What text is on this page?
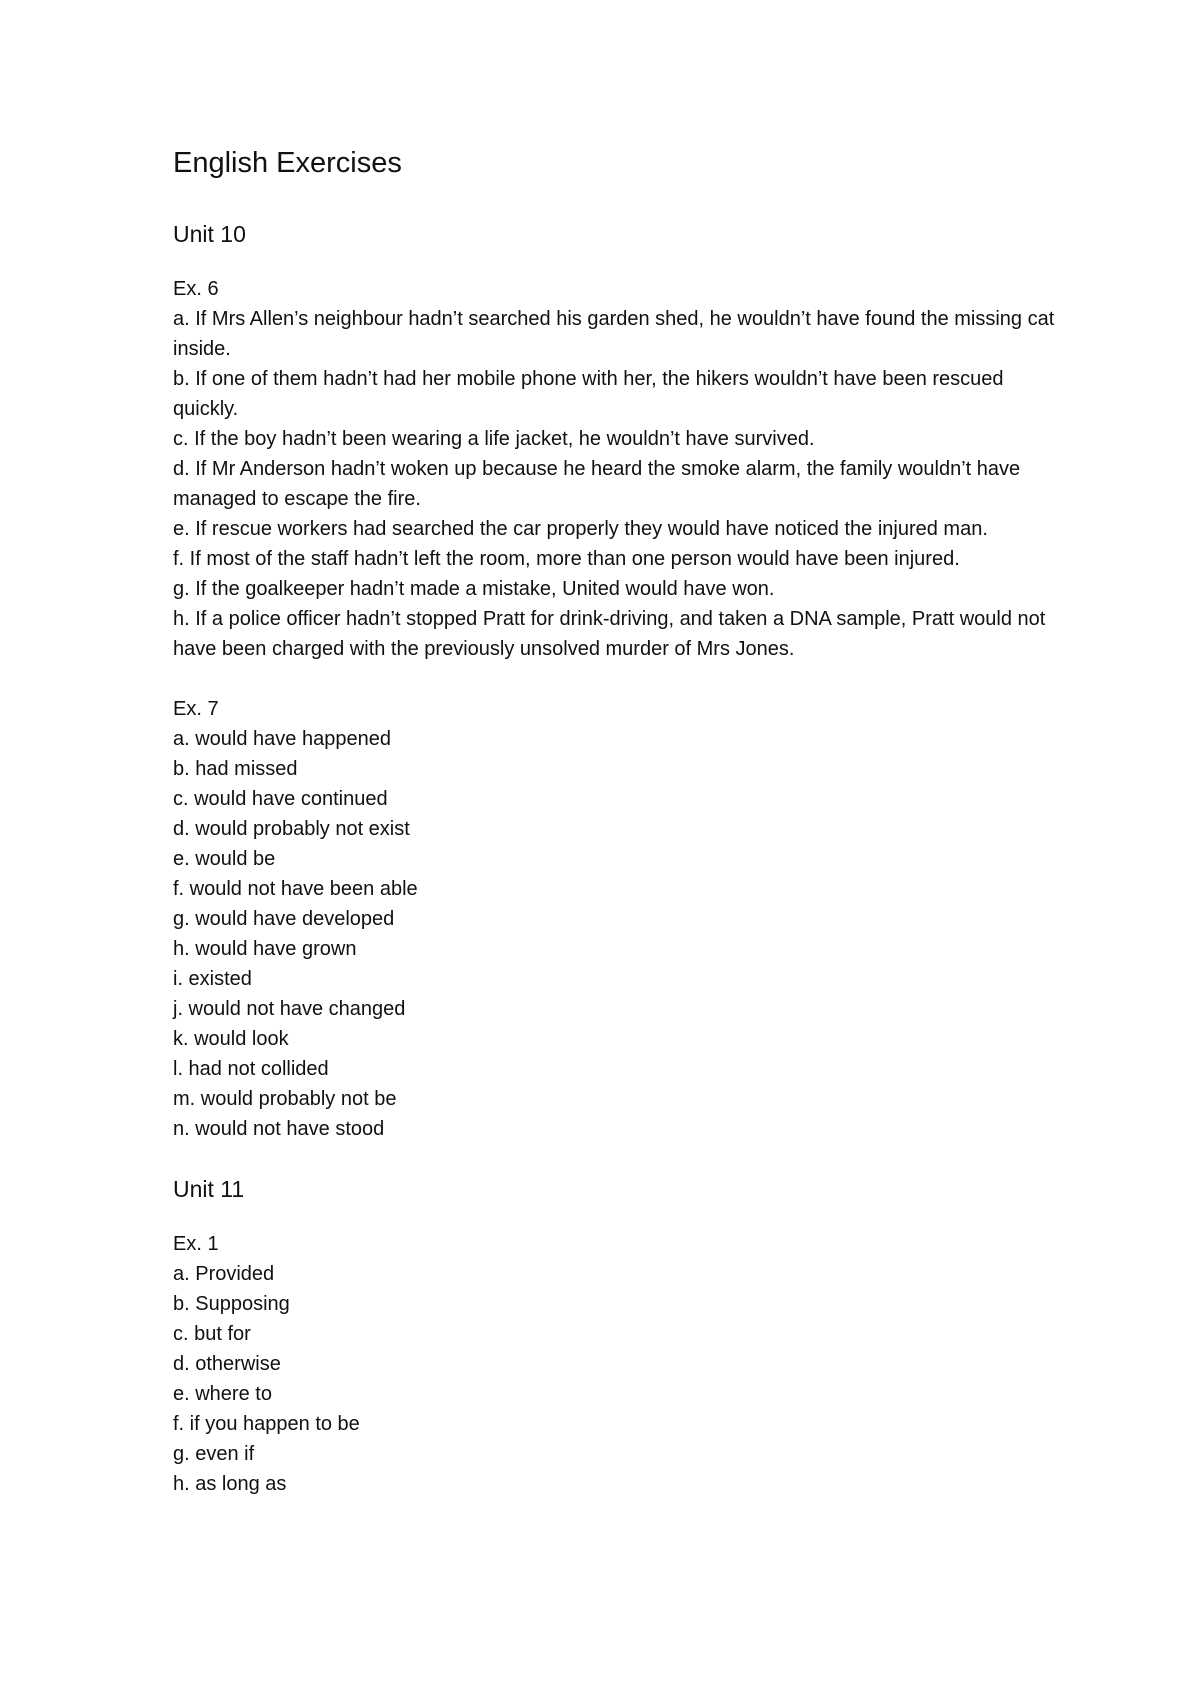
English Exercises
Unit 10
Ex. 6

a. If Mrs Allen’s neighbour hadn’t searched his garden shed, he wouldn’t have found the missing cat inside.

b. If one of them hadn’t had her mobile phone with her, the hikers wouldn’t have been rescued quickly.

c. If the boy hadn’t been wearing a life jacket, he wouldn’t have survived.

d. If Mr Anderson hadn’t woken up because he heard the smoke alarm, the family wouldn’t have managed to escape the fire.

e. If rescue workers had searched the car properly they would have noticed the injured man.

f. If most of the staff hadn’t left the room, more than one person would have been injured.

g. If the goalkeeper hadn’t made a mistake, United would have won.

h. If a police officer hadn’t stopped Pratt for drink-driving, and taken a DNA sample, Pratt would not have been charged with the previously unsolved murder of Mrs Jones.

Ex. 7

a. would have happened

b. had missed

c. would have continued

d. would probably not exist

e. would be

f. would not have been able

g. would have developed

h. would have grown

i. existed

j. would not have changed

k. would look

l. had not collided

m. would probably not be

n. would not have stood

Unit 11
Ex. 1

a. Provided

b. Supposing

c. but for

d. otherwise

e. where to

f. if you happen to be

g. even if

h. as long as
